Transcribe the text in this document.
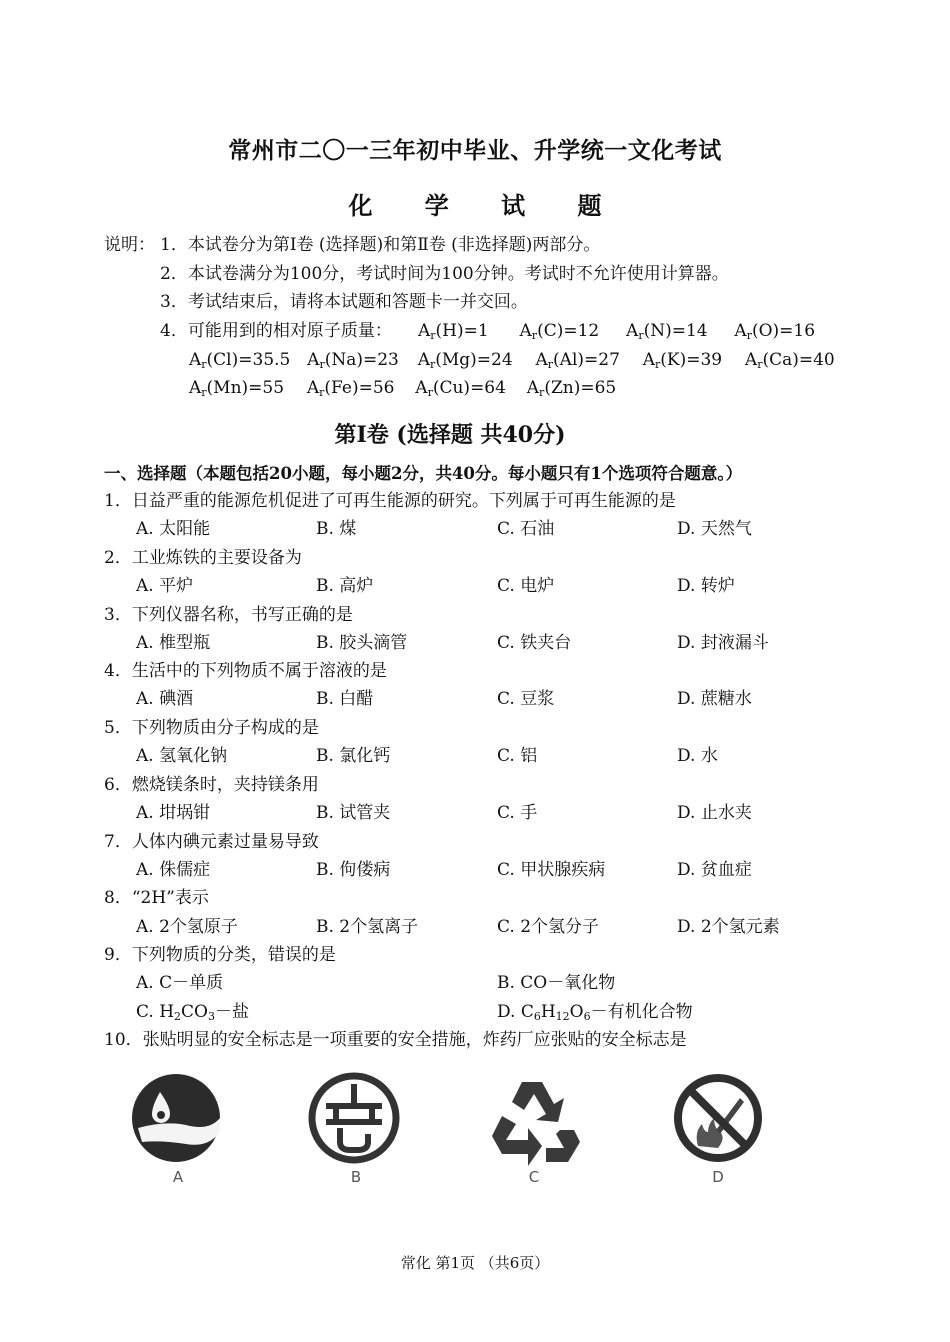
常州市二〇一三年初中毕业、升学统一文化考试
化 学 试 题
说明： 1．本试卷分为第Ⅰ卷 (选择题)和第Ⅱ卷 (非选择题)两部分。
2．本试卷满分为100分，考试时间为100分钟。考试时不允许使用计算器。
3．考试结束后，请将本试题和答题卡一并交回。
4．可能用到的相对原子质量： $A_r(H)=1$ $A_r(C)=12$ $A_r(N)=14$ $A_r(O)=16$
$A_r(Cl)=35.5$ $A_r(Na)=23$ $A_r(Mg)=24$ $A_r(Al)=27$ $A_r(K)=39$ $A_r(Ca)=40$
$A_r(Mn)=55$ $A_r(Fe)=56$ $A_r(Cu)=64$ $A_r(Zn)=65$
第Ⅰ卷 (选择题 共40分)
一、选择题（本题包括20小题，每小题2分，共40分。每小题只有1个选项符合题意。）
1．日益严重的能源危机促进了可再生能源的研究。下列属于可再生能源的是
A. 太阳能	B. 煤	C. 石油	D. 天然气
2．工业炼铁的主要设备为
A. 平炉	B. 高炉	C. 电炉	D. 转炉
3．下列仪器名称，书写正确的是
A. 椎型瓶	B. 胶头滴管	C. 铁夹台	D. 封液漏斗
4．生活中的下列物质不属于溶液的是
A. 碘酒	B. 白醋	C. 豆浆	D. 蔗糖水
5．下列物质由分子构成的是
A. 氢氧化钠	B. 氯化钙	C. 铝	D. 水
6．燃烧镁条时，夹持镁条用
A. 坩埚钳	B. 试管夹	C. 手	D. 止水夹
7．人体内碘元素过量易导致
A. 侏儒症	B. 佝偻病	C. 甲状腺疾病	D. 贫血症
8．“2H”表示
A. 2个氢原子	B. 2个氢离子	C. 2个氢分子	D. 2个氢元素
9．下列物质的分类，错误的是
A. C－单质	B. CO－氧化物
C. $H_2CO_3-$盐	D. $C_6H_{12}O_6-$有机化合物
10．张贴明显的安全标志是一项重要的安全措施，炸药厂应张贴的安全标志是
A	B	C	D
常化 第1页 （共6页）
